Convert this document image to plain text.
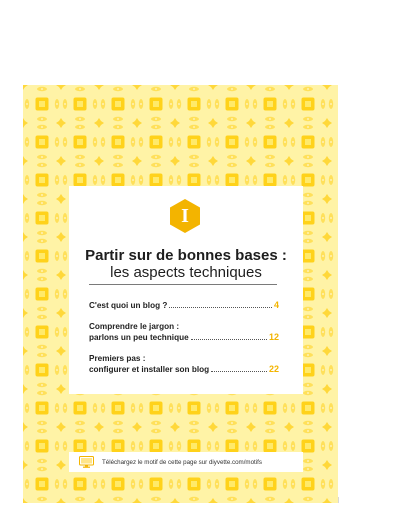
I
Partir sur de bonnes bases :
les aspects techniques
C'est quoi un blog ?	4
Comprendre le jargon :
parlons un peu technique	12
Premiers pas :
configurer et installer son blog	22
Téléchargez le motif de cette page sur diyvette.com/motifs
